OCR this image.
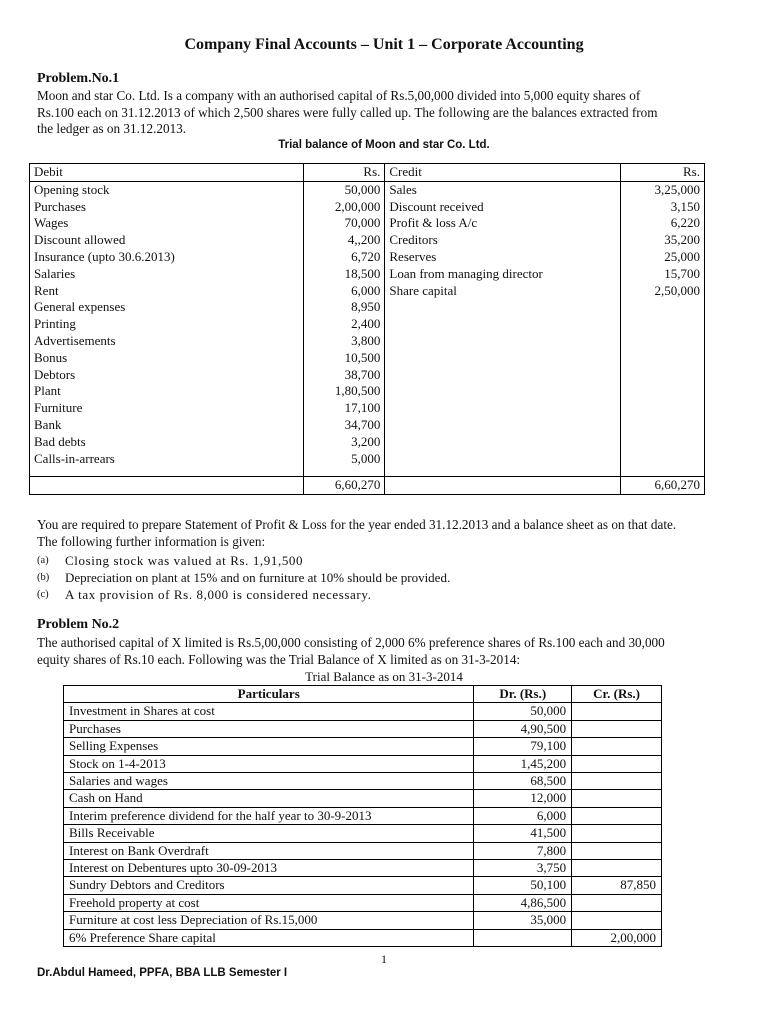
Company Final Accounts – Unit 1 – Corporate Accounting
Problem.No.1
Moon and star Co. Ltd. Is a company with an authorised capital of Rs.5,00,000 divided into 5,000 equity shares of
Rs.100 each on 31.12.2013 of which 2,500 shares were fully called up. The following are the balances extracted from
the ledger as on 31.12.2013.
Trial balance of Moon and star Co. Ltd.
Debit	Rs.	Credit	Rs.
Opening stock	50,000	Sales	3,25,000
Purchases	2,00,000	Discount received	3,150
Wages	70,000	Profit & loss A/c	6,220
Discount allowed	4,,200	Creditors	35,200
Insurance (upto 30.6.2013)	6,720	Reserves	25,000
Salaries	18,500	Loan from managing director	15,700
Rent	6,000	Share capital	2,50,000
General expenses	8,950		
Printing	2,400		
Advertisements	3,800		
Bonus	10,500		
Debtors	38,700		
Plant	1,80,500		
Furniture	17,100		
Bank	34,700		
Bad debts	3,200		
Calls-in-arrears	5,000		

	6,60,270		6,60,270
You are required to prepare Statement of Profit & Loss for the year ended 31.12.2013 and a balance sheet as on that date.
The following further information is given:
(a) Closing stock was valued at Rs. 1,91,500
(b) Depreciation on plant at 15% and on furniture at 10% should be provided.
(c) A tax provision of Rs. 8,000 is considered necessary.
Problem No.2
The authorised capital of X limited is Rs.5,00,000 consisting of 2,000 6% preference shares of Rs.100 each and 30,000
equity shares of Rs.10 each. Following was the Trial Balance of X limited as on 31-3-2014:
Trial Balance as on 31-3-2014
Particulars	Dr. (Rs.)	Cr. (Rs.)
Investment in Shares at cost	50,000	
Purchases	4,90,500	
Selling Expenses	79,100	
Stock on 1-4-2013	1,45,200	
Salaries and wages	68,500	
Cash on Hand	12,000	
Interim preference dividend for the half year to 30-9-2013	6,000	
Bills Receivable	41,500	
Interest on Bank Overdraft	7,800	
Interest on Debentures upto 30-09-2013	3,750	
Sundry Debtors and Creditors	50,100	87,850
Freehold property at cost	4,86,500	
Furniture at cost less Depreciation of Rs.15,000	35,000	
6% Preference Share capital		2,00,000
1
Dr.Abdul Hameed, PPFA, BBA LLB Semester I
